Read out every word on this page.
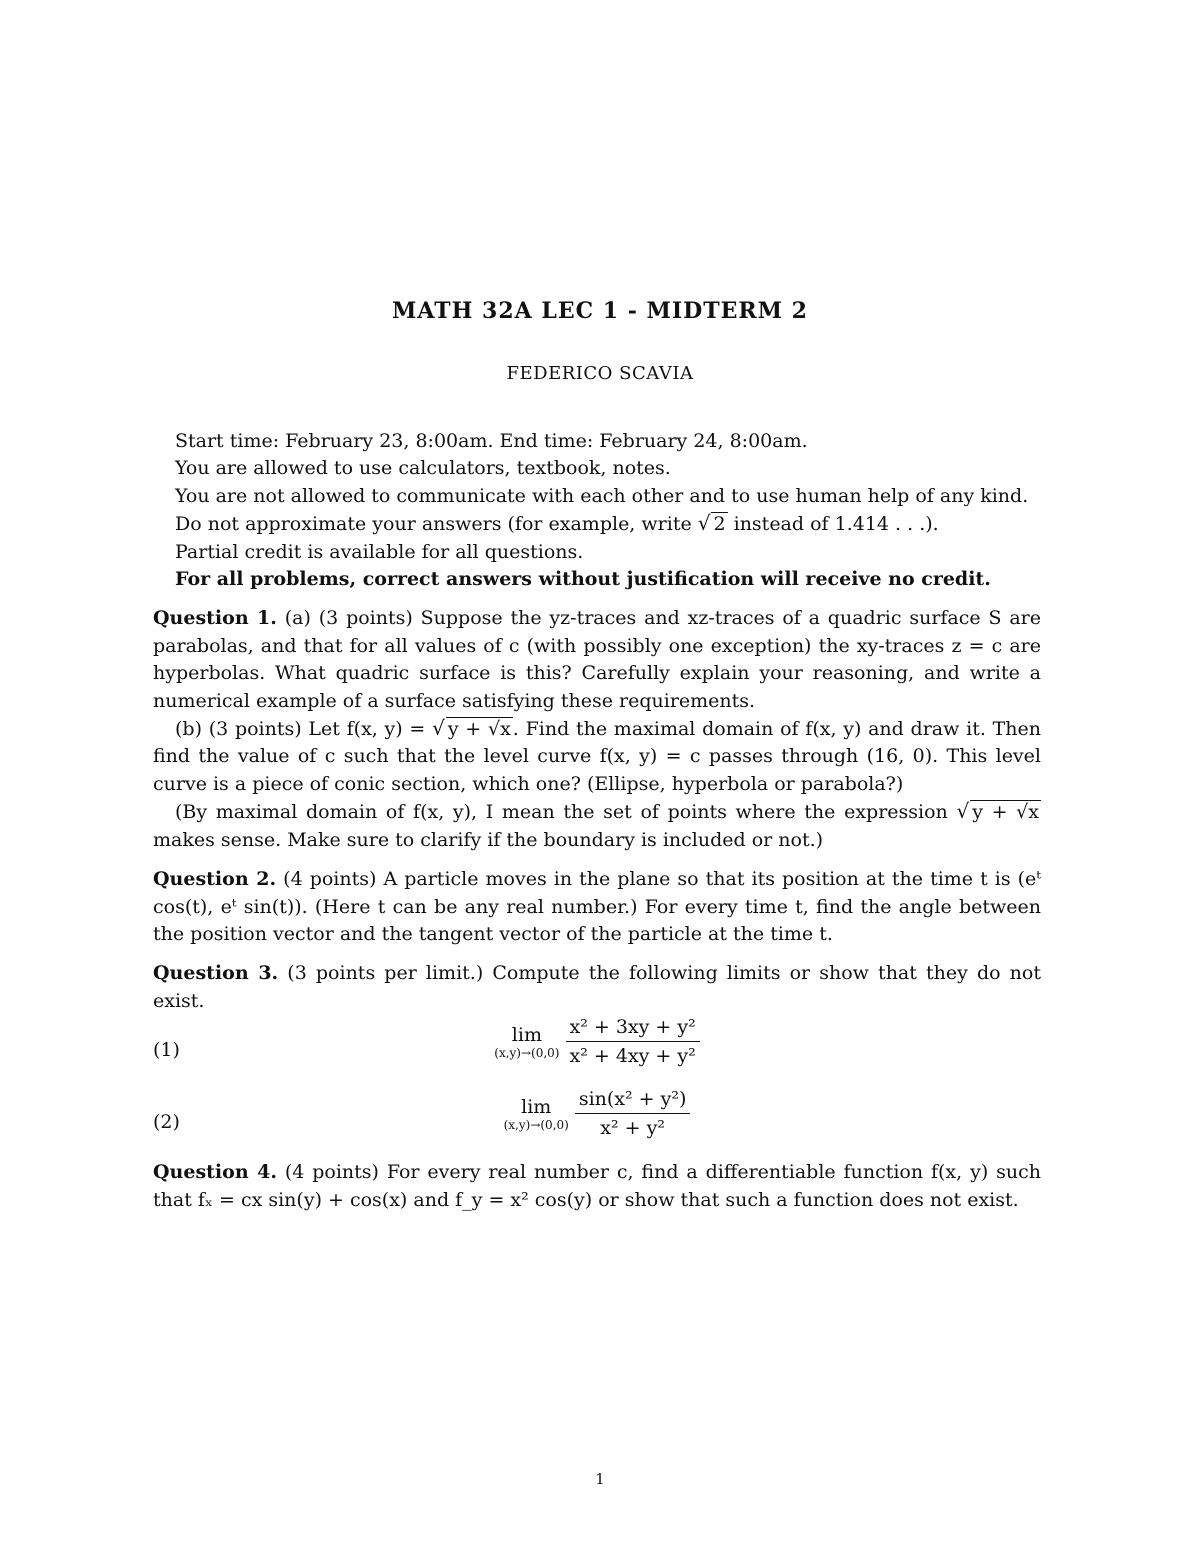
MATH 32A LEC 1 - MIDTERM 2
FEDERICO SCAVIA

Start time: February 23, 8:00am. End time: February 24, 8:00am.

You are allowed to use calculators, textbook, notes.

You are not allowed to communicate with each other and to use human help of any kind.

Do not approximate your answers (for example, write √ 2 instead of 1.414 . . .).

Partial credit is available for all questions.

For all problems, correct answers without justification will receive no credit.

Question 1. (a) (3 points) Suppose the yz-traces and xz-traces of a quadric surface S are parabolas, and that for all values of c (with possibly one exception) the xy-traces z = c are hyperbolas. What quadric surface is this? Carefully explain your reasoning, and write a numerical example of a surface satisfying these requirements.

(b) (3 points) Let f(x, y) = √ y + √x . Find the maximal domain of f(x, y) and draw it. Then find the value of c such that the level curve f(x, y) = c passes through (16, 0). This level curve is a piece of conic section, which one? (Ellipse, hyperbola or parabola?)

(By maximal domain of f(x, y), I mean the set of points where the expression √ y + √x makes sense. Make sure to clarify if the boundary is included or not.)

Question 2. (4 points) A particle moves in the plane so that its position at the time t is (eᵗ cos(t), eᵗ sin(t)). (Here t can be any real number.) For every time t, find the angle between the position vector and the tangent vector of the particle at the time t.

Question 3. (3 points per limit.) Compute the following limits or show that they do not exist.

(1)
lim
$(x,y)\to(0,0) \frac{\text{x² + 3xy + y²}}{\text{x² + 4xy + y²}}$
(2)
lim
$(x,y)\to(0,0) \frac{\text{sin(x² + y²)}}{\text{x² + y²}}$

Question 4. (4 points) For every real number c, find a differentiable function f(x, y) such that fₓ = cx sin(y) + cos(x) and f_y = x² cos(y) or show that such a function does not exist.

1
